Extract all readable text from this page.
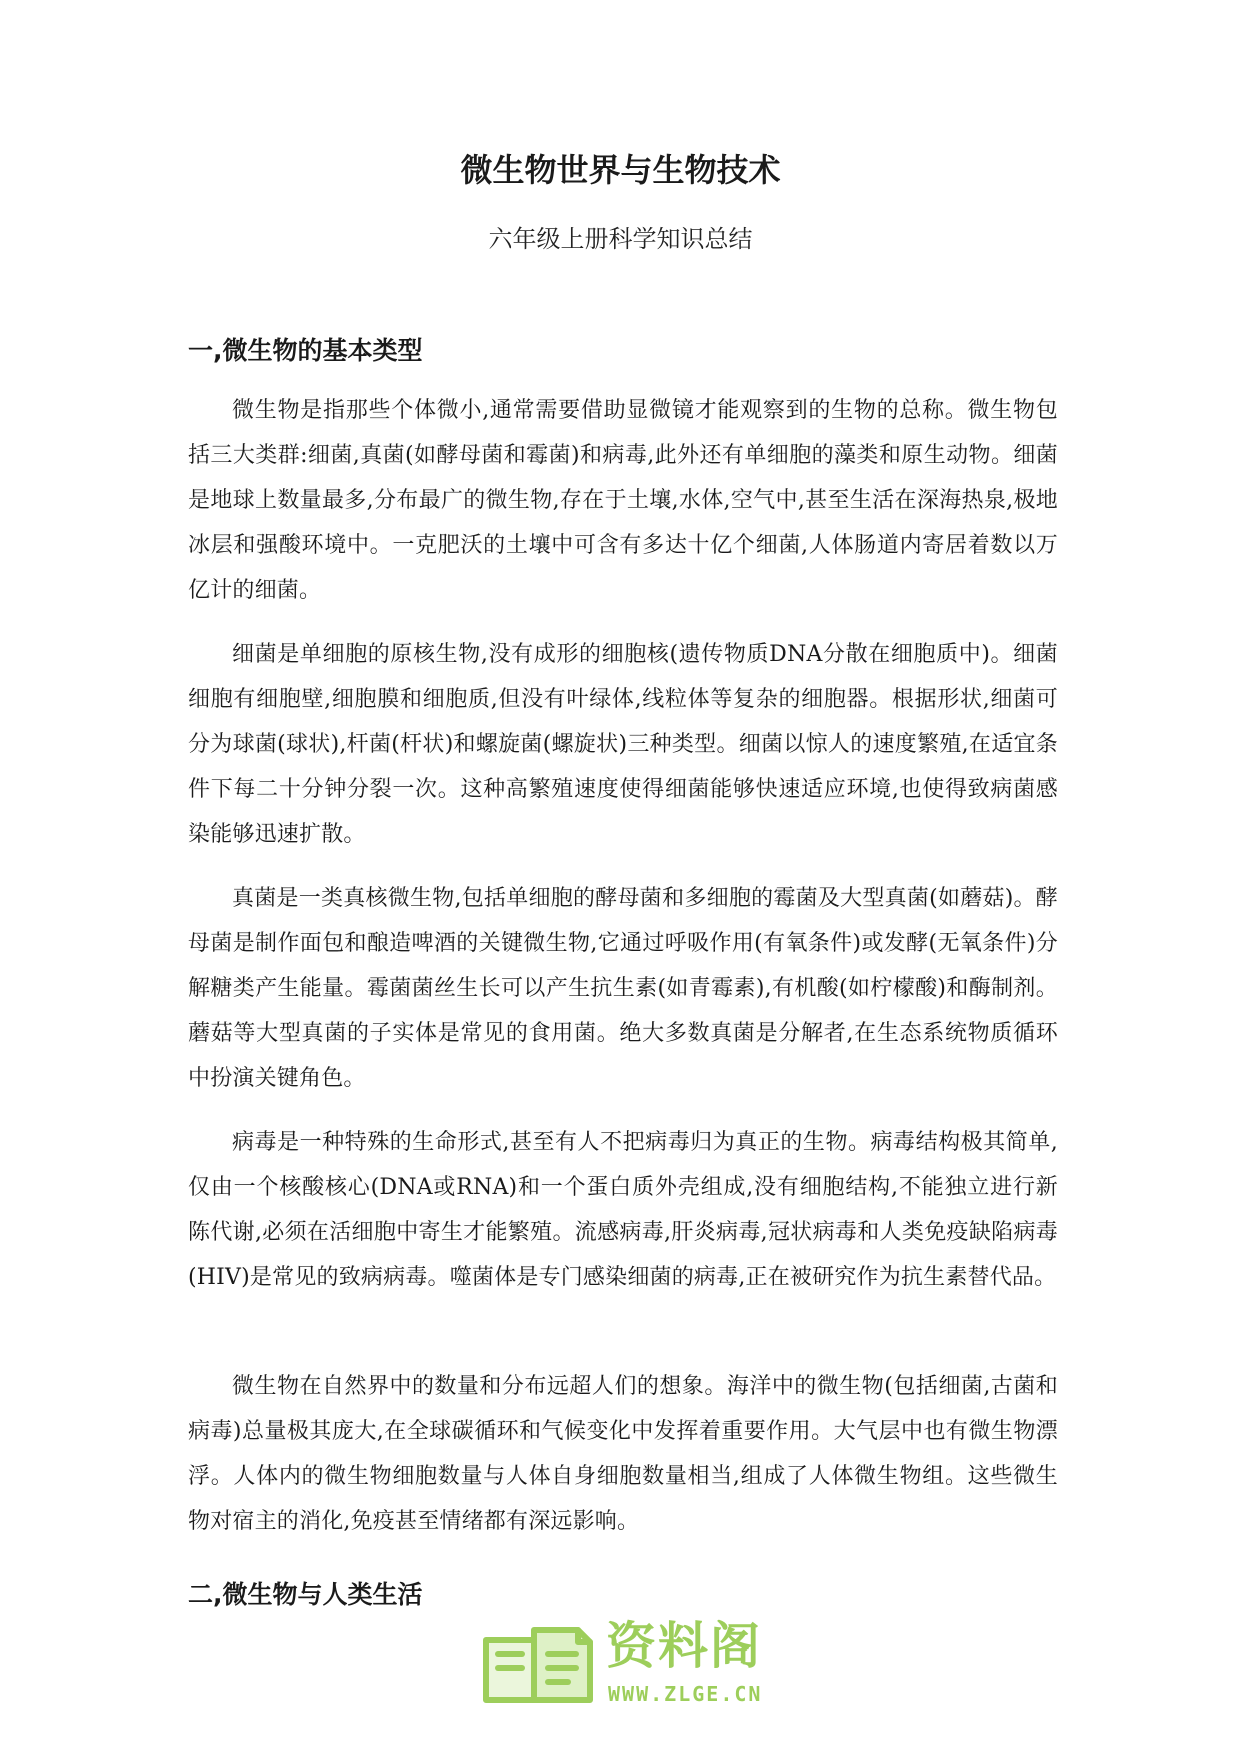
微生物世界与生物技术
六年级上册科学知识总结
一,微生物的基本类型

微生物是指那些个体微小,通常需要借助显微镜才能观察到的生物的总称。微生物包括三大类群:细菌,真菌(如酵母菌和霉菌)和病毒,此外还有单细胞的藻类和原生动物。细菌是地球上数量最多,分布最广的微生物,存在于土壤,水体,空气中,甚至生活在深海热泉,极地冰层和强酸环境中。一克肥沃的土壤中可含有多达十亿个细菌,人体肠道内寄居着数以万亿计的细菌。

细菌是单细胞的原核生物,没有成形的细胞核(遗传物质DNA分散在细胞质中)。细菌细胞有细胞壁,细胞膜和细胞质,但没有叶绿体,线粒体等复杂的细胞器。根据形状,细菌可分为球菌(球状),杆菌(杆状)和螺旋菌(螺旋状)三种类型。细菌以惊人的速度繁殖,在适宜条件下每二十分钟分裂一次。这种高繁殖速度使得细菌能够快速适应环境,也使得致病菌感染能够迅速扩散。

真菌是一类真核微生物,包括单细胞的酵母菌和多细胞的霉菌及大型真菌(如蘑菇)。酵母菌是制作面包和酿造啤酒的关键微生物,它通过呼吸作用(有氧条件)或发酵(无氧条件)分解糖类产生能量。霉菌菌丝生长可以产生抗生素(如青霉素),有机酸(如柠檬酸)和酶制剂。蘑菇等大型真菌的子实体是常见的食用菌。绝大多数真菌是分解者,在生态系统物质循环中扮演关键角色。

病毒是一种特殊的生命形式,甚至有人不把病毒归为真正的生物。病毒结构极其简单,仅由一个核酸核心(DNA或RNA)和一个蛋白质外壳组成,没有细胞结构,不能独立进行新陈代谢,必须在活细胞中寄生才能繁殖。流感病毒,肝炎病毒,冠状病毒和人类免疫缺陷病毒(HIV)是常见的致病病毒。噬菌体是专门感染细菌的病毒,正在被研究作为抗生素替代品。

微生物在自然界中的数量和分布远超人们的想象。海洋中的微生物(包括细菌,古菌和病毒)总量极其庞大,在全球碳循环和气候变化中发挥着重要作用。大气层中也有微生物漂浮。人体内的微生物细胞数量与人体自身细胞数量相当,组成了人体微生物组。这些微生物对宿主的消化,免疫甚至情绪都有深远影响。

二,微生物与人类生活
资料阁
WWW.ZLGE.CN
